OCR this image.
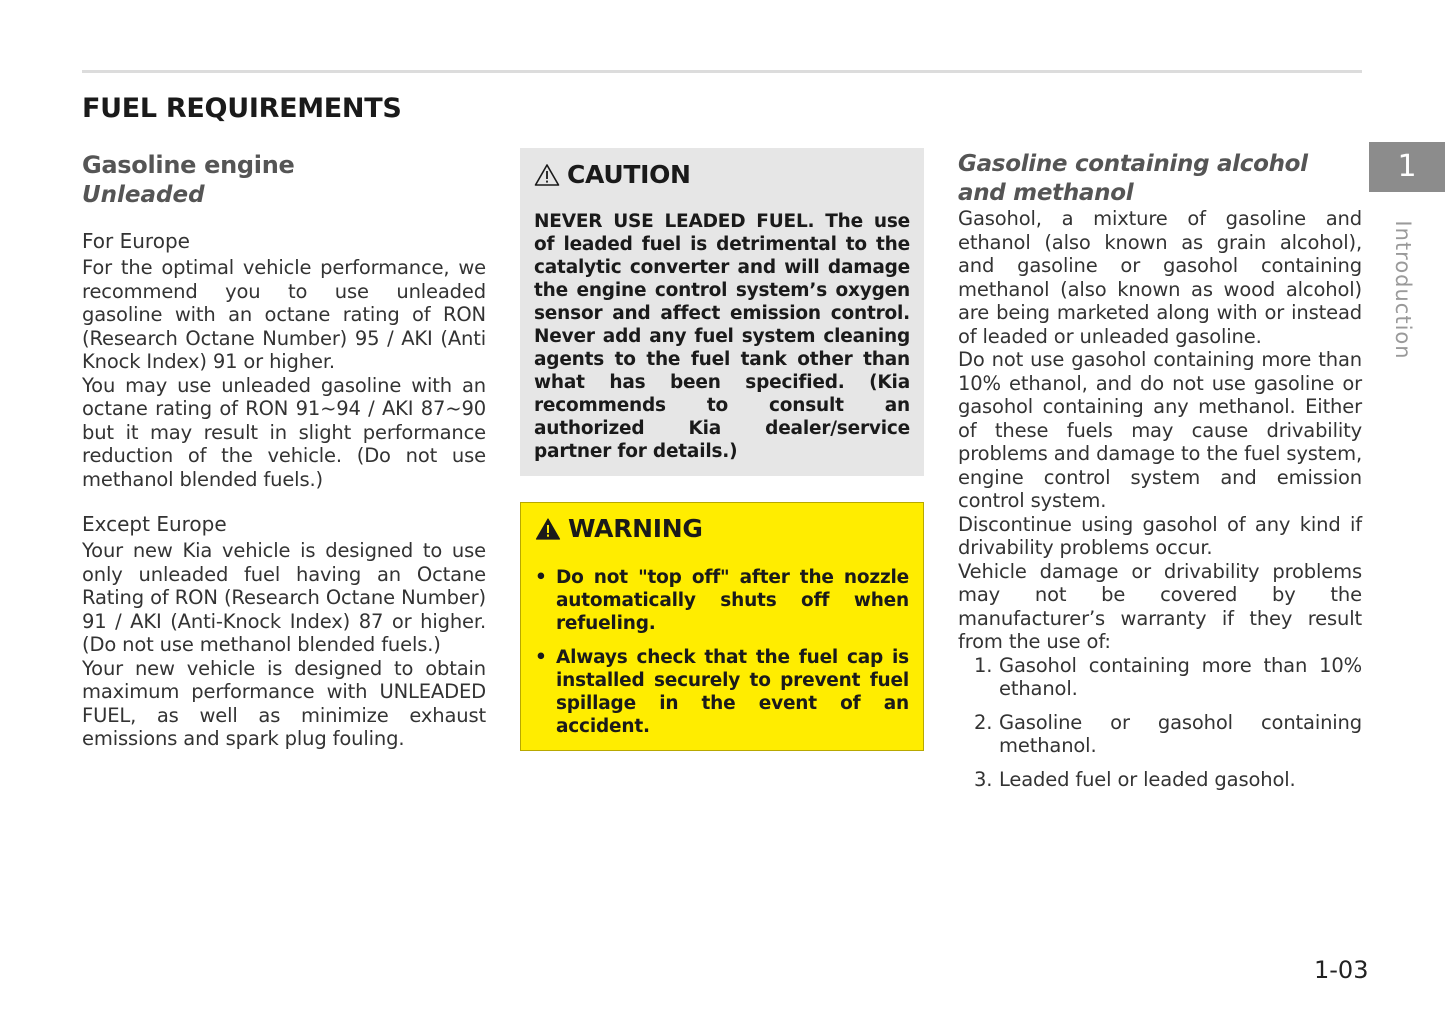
FUEL REQUIREMENTS
Gasoline engine
Unleaded
For Europe

For the optimal vehicle performance, we recommend you to use unleaded gasoline with an octane rating of RON (Research Octane Number) 95 / AKI (Anti Knock Index) 91 or higher.

You may use unleaded gasoline with an octane rating of RON 91~94 / AKI 87~90 but it may result in slight performance reduction of the vehicle. (Do not use methanol blended fuels.)

Except Europe

Your new Kia vehicle is designed to use only unleaded fuel having an Octane Rating of RON (Research Octane Number) 91 / AKI (Anti-Knock Index) 87 or higher. (Do not use methanol blended fuels.)

Your new vehicle is designed to obtain maximum performance with UNLEADED FUEL, as well as minimize exhaust emissions and spark plug fouling.

CAUTION

NEVER USE LEADED FUEL. The use of leaded fuel is detrimental to the catalytic converter and will damage the engine control system’s oxygen sensor and affect emission control. Never add any fuel system cleaning agents to the fuel tank other than what has been specified. (Kia recommends to consult an authorized Kia dealer/service partner for details.)

WARNING
• Do not "top off" after the nozzle automatically shuts off when refueling.
• Always check that the fuel cap is installed securely to prevent fuel spillage in the event of an accident.
Gasoline containing alcohol and methanol

Gasohol, a mixture of gasoline and ethanol (also known as grain alcohol), and gasoline or gasohol containing methanol (also known as wood alcohol) are being marketed along with or instead of leaded or unleaded gasoline.

Do not use gasohol containing more than 10% ethanol, and do not use gasoline or gasohol containing any methanol. Either of these fuels may cause drivability problems and damage to the fuel system, engine control system and emission control system.

Discontinue using gasohol of any kind if drivability problems occur.

Vehicle damage or drivability problems may not be covered by the manufacturer’s warranty if they result from the use of:

1. Gasohol containing more than 10% ethanol.
2. Gasoline or gasohol containing methanol.
3. Leaded fuel or leaded gasohol.
1
Introduction
1-03
